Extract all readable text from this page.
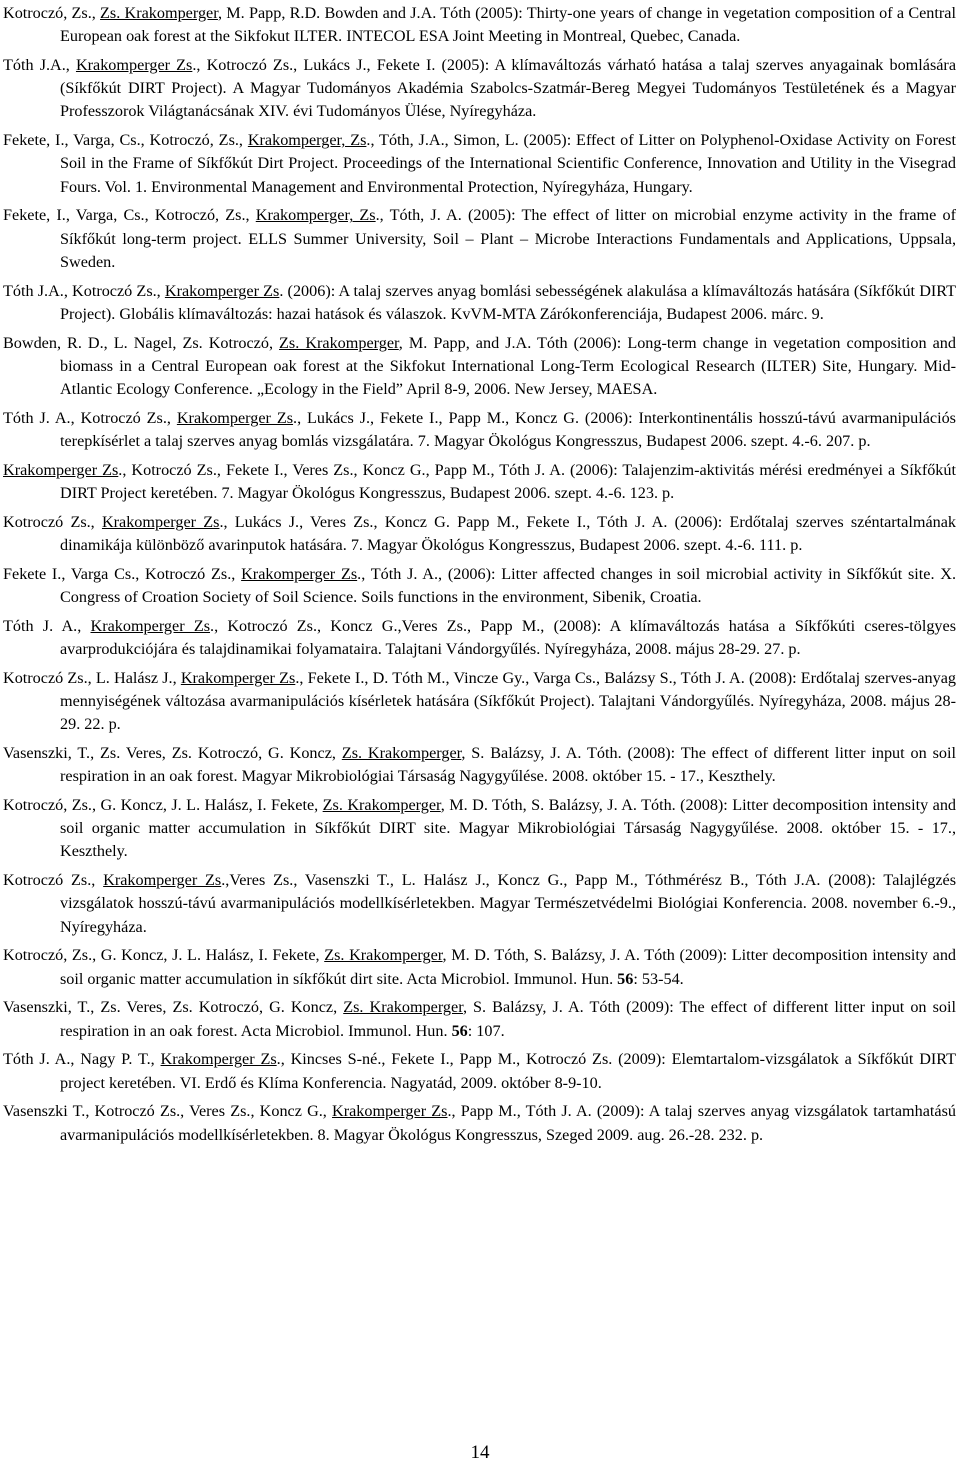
Kotroczó, Zs., Zs. Krakomperger, M. Papp, R.D. Bowden and J.A. Tóth (2005): Thirty-one years of change in vegetation composition of a Central European oak forest at the Sikfokut ILTER. INTECOL ESA Joint Meeting in Montreal, Quebec, Canada.

Tóth J.A., Krakomperger Zs., Kotroczó Zs., Lukács J., Fekete I. (2005): A klímaváltozás várható hatása a talaj szerves anyagainak bomlására (Síkfőkút DIRT Project). A Magyar Tudományos Akadémia Szabolcs-Szatmár-Bereg Megyei Tudományos Testületének és a Magyar Professzorok Világtanácsának XIV. évi Tudományos Ülése, Nyíregyháza.

Fekete, I., Varga, Cs., Kotroczó, Zs., Krakomperger, Zs., Tóth, J.A., Simon, L. (2005): Effect of Litter on Polyphenol-Oxidase Activity on Forest Soil in the Frame of Síkfőkút Dirt Project. Proceedings of the International Scientific Conference, Innovation and Utility in the Visegrad Fours. Vol. 1. Environmental Management and Environmental Protection, Nyíregyháza, Hungary.

Fekete, I., Varga, Cs., Kotroczó, Zs., Krakomperger, Zs., Tóth, J. A. (2005): The effect of litter on microbial enzyme activity in the frame of Síkfőkút long-term project. ELLS Summer University, Soil – Plant – Microbe Interactions Fundamentals and Applications, Uppsala, Sweden.

Tóth J.A., Kotroczó Zs., Krakomperger Zs. (2006): A talaj szerves anyag bomlási sebességének alakulása a klímaváltozás hatására (Síkfőkút DIRT Project). Globális klímaváltozás: hazai hatások és válaszok. KvVM-MTA Zárókonferenciája, Budapest 2006. márc. 9.

Bowden, R. D., L. Nagel, Zs. Kotroczó, Zs. Krakomperger, M. Papp, and J.A. Tóth (2006): Long-term change in vegetation composition and biomass in a Central European oak forest at the Sikfokut International Long-Term Ecological Research (ILTER) Site, Hungary. Mid-Atlantic Ecology Conference. „Ecology in the Field” April 8-9, 2006. New Jersey, MAESA.

Tóth J. A., Kotroczó Zs., Krakomperger Zs., Lukács J., Fekete I., Papp M., Koncz G. (2006): Interkontinentális hosszú-távú avarmanipulációs terepkísérlet a talaj szerves anyag bomlás vizsgálatára. 7. Magyar Ökológus Kongresszus, Budapest 2006. szept. 4.-6. 207. p.

Krakomperger Zs., Kotroczó Zs., Fekete I., Veres Zs., Koncz G., Papp M., Tóth J. A. (2006): Talajenzim-aktivitás mérési eredményei a Síkfőkút DIRT Project keretében. 7. Magyar Ökológus Kongresszus, Budapest 2006. szept. 4.-6. 123. p.

Kotroczó Zs., Krakomperger Zs., Lukács J., Veres Zs., Koncz G. Papp M., Fekete I., Tóth J. A. (2006): Erdőtalaj szerves széntartalmának dinamikája különböző avarinputok hatására. 7. Magyar Ökológus Kongresszus, Budapest 2006. szept. 4.-6. 111. p.

Fekete I., Varga Cs., Kotroczó Zs., Krakomperger Zs., Tóth J. A., (2006): Litter affected changes in soil microbial activity in Síkfőkút site. X. Congress of Croation Society of Soil Science. Soils functions in the environment, Sibenik, Croatia.

Tóth J. A., Krakomperger Zs., Kotroczó Zs., Koncz G.,Veres Zs., Papp M., (2008): A klímaváltozás hatása a Síkfőkúti cseres-tölgyes avarprodukciójára és talajdinamikai folyamataira. Talajtani Vándorgyűlés. Nyíregyháza, 2008. május 28-29. 27. p.

Kotroczó Zs., L. Halász J., Krakomperger Zs., Fekete I., D. Tóth M., Vincze Gy., Varga Cs., Balázsy S., Tóth J. A. (2008): Erdőtalaj szerves-anyag mennyiségének változása avarmanipulációs kísérletek hatására (Síkfőkút Project). Talajtani Vándorgyűlés. Nyíregyháza, 2008. május 28-29. 22. p.

Vasenszki, T., Zs. Veres, Zs. Kotroczó, G. Koncz, Zs. Krakomperger, S. Balázsy, J. A. Tóth. (2008): The effect of different litter input on soil respiration in an oak forest. Magyar Mikrobiológiai Társaság Nagygyűlése. 2008. október 15. - 17., Keszthely.

Kotroczó, Zs., G. Koncz, J. L. Halász, I. Fekete, Zs. Krakomperger, M. D. Tóth, S. Balázsy, J. A. Tóth. (2008): Litter decomposition intensity and soil organic matter accumulation in Síkfőkút DIRT site. Magyar Mikrobiológiai Társaság Nagygyűlése. 2008. október 15. - 17., Keszthely.

Kotroczó Zs., Krakomperger Zs.,Veres Zs., Vasenszki T., L. Halász J., Koncz G., Papp M., Tóthmérész B., Tóth J.A. (2008): Talajlégzés vizsgálatok hosszú-távú avarmanipulációs modellkísérletekben. Magyar Természetvédelmi Biológiai Konferencia. 2008. november 6.-9., Nyíregyháza.

Kotroczó, Zs., G. Koncz, J. L. Halász, I. Fekete, Zs. Krakomperger, M. D. Tóth, S. Balázsy, J. A. Tóth (2009): Litter decomposition intensity and soil organic matter accumulation in síkfőkút dirt site. Acta Microbiol. Immunol. Hun. 56: 53-54.

Vasenszki, T., Zs. Veres, Zs. Kotroczó, G. Koncz, Zs. Krakomperger, S. Balázsy, J. A. Tóth (2009): The effect of different litter input on soil respiration in an oak forest. Acta Microbiol. Immunol. Hun. 56: 107.

Tóth J. A., Nagy P. T., Krakomperger Zs., Kincses S-né., Fekete I., Papp M., Kotroczó Zs. (2009): Elemtartalom-vizsgálatok a Síkfőkút DIRT project keretében. VI. Erdő és Klíma Konferencia. Nagyatád, 2009. október 8-9-10.

Vasenszki T., Kotroczó Zs., Veres Zs., Koncz G., Krakomperger Zs., Papp M., Tóth J. A. (2009): A talaj szerves anyag vizsgálatok tartamhatású avarmanipulációs modellkísérletekben. 8. Magyar Ökológus Kongresszus, Szeged 2009. aug. 26.-28. 232. p.

14
